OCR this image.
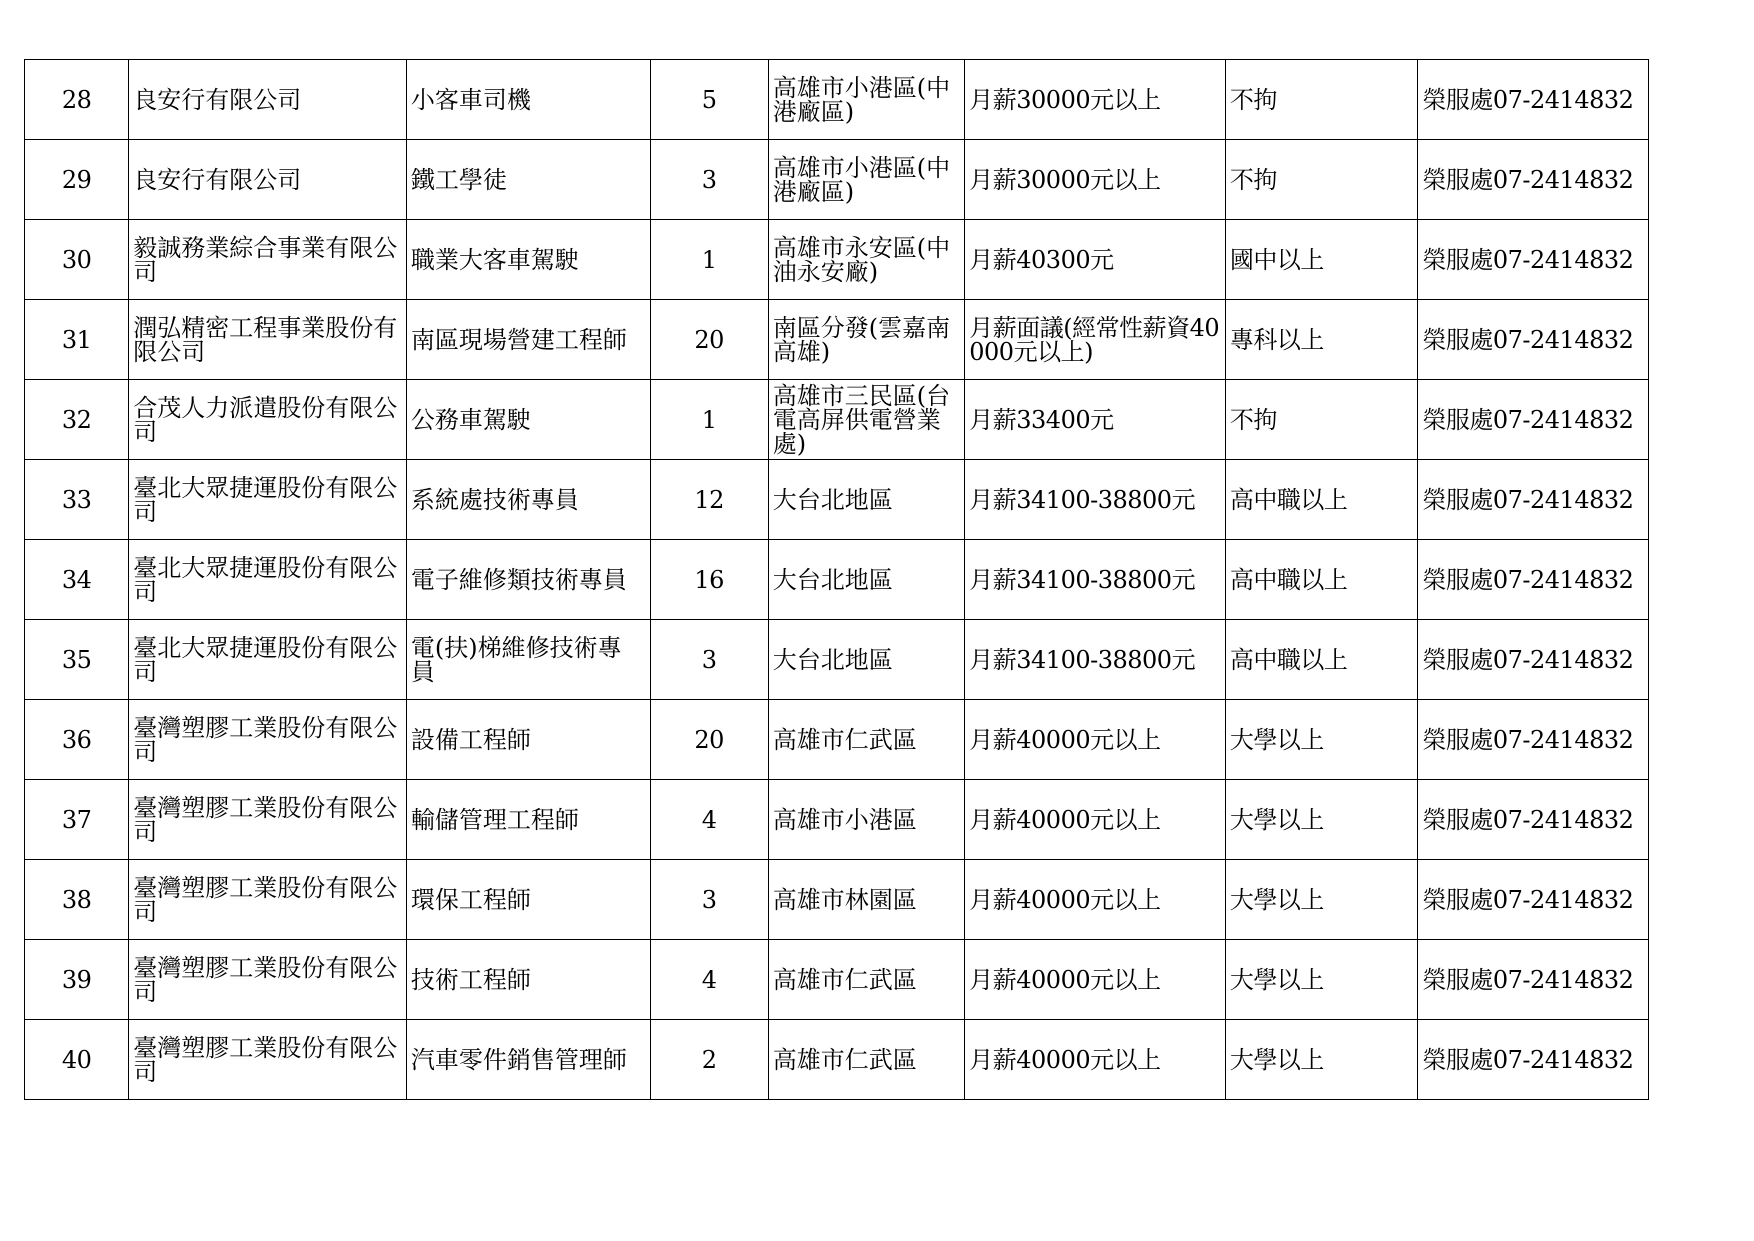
28	良安行有限公司	小客車司機	5	高雄市小港區(中港廠區)	月薪30000元以上	不拘	榮服處07-2414832
29	良安行有限公司	鐵工學徒	3	高雄市小港區(中港廠區)	月薪30000元以上	不拘	榮服處07-2414832
30	毅誠務業綜合事業有限公司	職業大客車駕駛	1	高雄市永安區(中油永安廠)	月薪40300元	國中以上	榮服處07-2414832
31	潤弘精密工程事業股份有限公司	南區現場營建工程師	20	南區分發(雲嘉南高雄)	月薪面議(經常性薪資40000元以上)	專科以上	榮服處07-2414832
32	合茂人力派遣股份有限公司	公務車駕駛	1	高雄市三民區(台電高屏供電營業處)	月薪33400元	不拘	榮服處07-2414832
33	臺北大眾捷運股份有限公司	系統處技術專員	12	大台北地區	月薪34100-38800元	高中職以上	榮服處07-2414832
34	臺北大眾捷運股份有限公司	電子維修類技術專員	16	大台北地區	月薪34100-38800元	高中職以上	榮服處07-2414832
35	臺北大眾捷運股份有限公司	電(扶)梯維修技術專員	3	大台北地區	月薪34100-38800元	高中職以上	榮服處07-2414832
36	臺灣塑膠工業股份有限公司	設備工程師	20	高雄市仁武區	月薪40000元以上	大學以上	榮服處07-2414832
37	臺灣塑膠工業股份有限公司	輸儲管理工程師	4	高雄市小港區	月薪40000元以上	大學以上	榮服處07-2414832
38	臺灣塑膠工業股份有限公司	環保工程師	3	高雄市林園區	月薪40000元以上	大學以上	榮服處07-2414832
39	臺灣塑膠工業股份有限公司	技術工程師	4	高雄市仁武區	月薪40000元以上	大學以上	榮服處07-2414832
40	臺灣塑膠工業股份有限公司	汽車零件銷售管理師	2	高雄市仁武區	月薪40000元以上	大學以上	榮服處07-2414832
